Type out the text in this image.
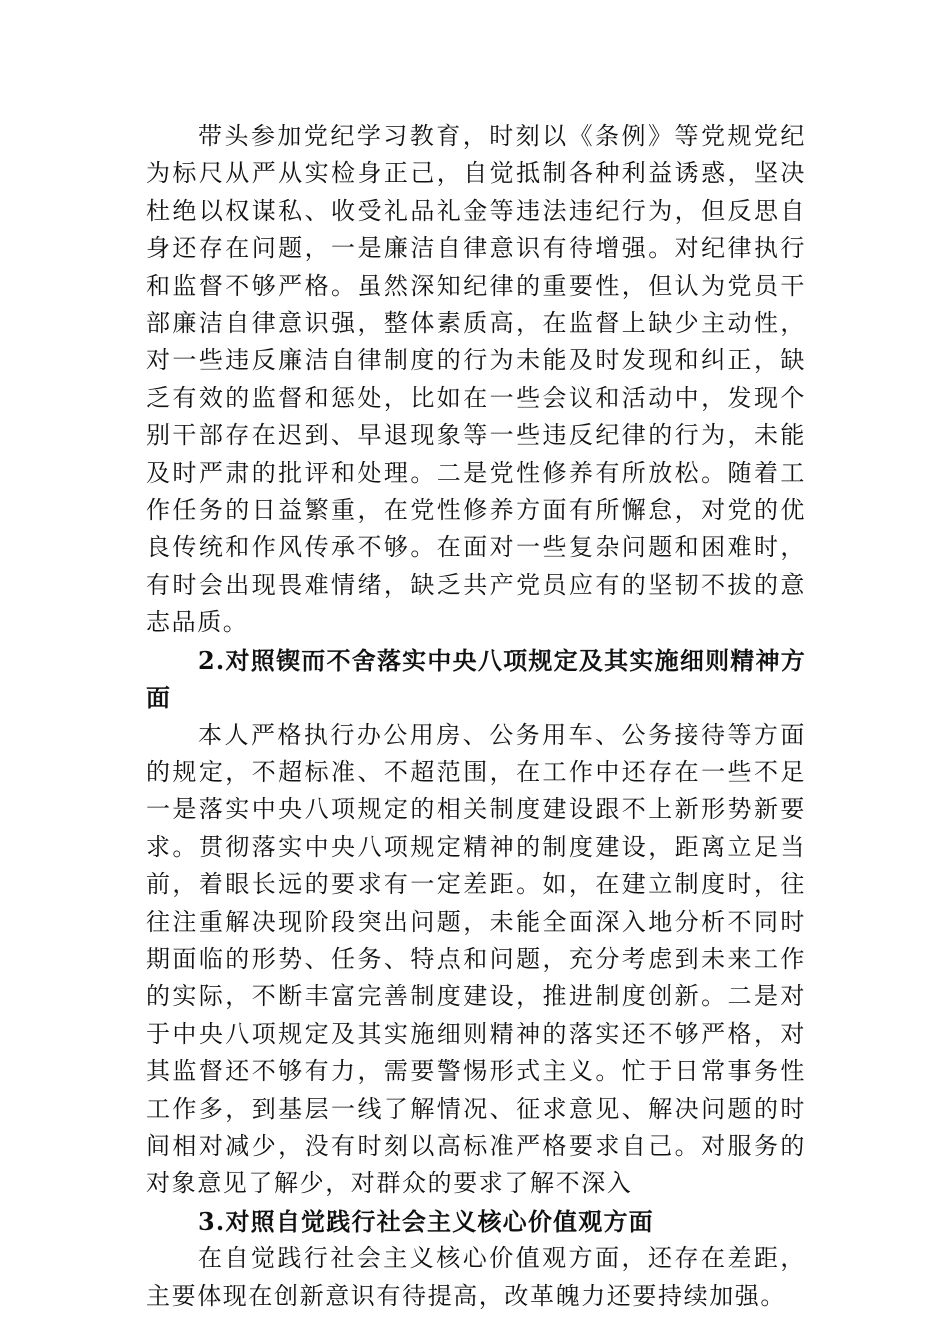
带头参加党纪学习教育，时刻以《条例》等党规党纪为标尺从严从实检身正己，自觉抵制各种利益诱惑，坚决杜绝以权谋私、收受礼品礼金等违法违纪行为，但反思自身还存在问题，一是廉洁自律意识有待增强。对纪律执行和监督不够严格。虽然深知纪律的重要性，但认为党员干部廉洁自律意识强，整体素质高，在监督上缺少主动性，对一些违反廉洁自律制度的行为未能及时发现和纠正，缺乏有效的监督和惩处，比如在一些会议和活动中，发现个别干部存在迟到、早退现象等一些违反纪律的行为，未能及时严肃的批评和处理。二是党性修养有所放松。随着工作任务的日益繁重，在党性修养方面有所懈怠，对党的优良传统和作风传承不够。在面对一些复杂问题和困难时，有时会出现畏难情绪，缺乏共产党员应有的坚韧不拔的意志品质。

2.对照锲而不舍落实中央八项规定及其实施细则精神方面

本人严格执行办公用房、公务用车、公务接待等方面的规定，不超标准、不超范围，在工作中还存在一些不足一是落实中央八项规定的相关制度建设跟不上新形势新要求。贯彻落实中央八项规定精神的制度建设，距离立足当前，着眼长远的要求有一定差距。如，在建立制度时，往往注重解决现阶段突出问题，未能全面深入地分析不同时期面临的形势、任务、特点和问题，充分考虑到未来工作的实际，不断丰富完善制度建设，推进制度创新。二是对于中央八项规定及其实施细则精神的落实还不够严格，对其监督还不够有力，需要警惕形式主义。忙于日常事务性工作多，到基层一线了解情况、征求意见、解决问题的时间相对减少，没有时刻以高标准严格要求自己。对服务的对象意见了解少，对群众的要求了解不深入

3.对照自觉践行社会主义核心价值观方面

在自觉践行社会主义核心价值观方面，还存在差距，主要体现在创新意识有待提高，改革魄力还要持续加强。
